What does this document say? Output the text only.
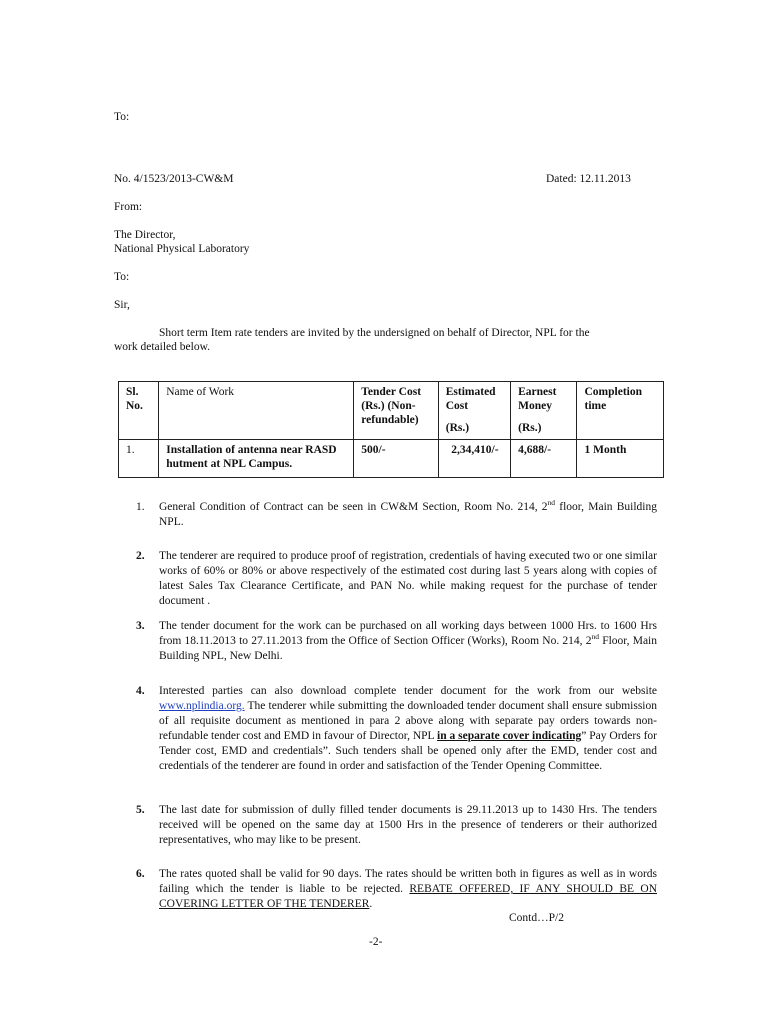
To:
No. 4/1523/2013-CW&M	Dated: 12.11.2013
From:
The Director,
National Physical Laboratory
To:
Sir,
Short term Item rate tenders are invited by the undersigned on behalf of Director, NPL for the
work detailed below.
Sl.
No.	Name of Work	Tender Cost (Rs.) (Non-refundable)	Estimated Cost
(Rs.)	Earnest Money
(Rs.)	Completion time
1.	Installation of antenna near RASD hutment at NPL Campus.	500/-	2,34,410/-	4,688/-	1 Month
1. General Condition of Contract can be seen in CW&M Section, Room No. 214, 2nd floor, Main Building NPL.
2. The tenderer are required to produce proof of registration, credentials of having executed two or one similar works of 60% or 80% or above respectively of the estimated cost during last 5 years along with copies of latest Sales Tax Clearance Certificate, and PAN No. while making request for the purchase of tender document .
3. The tender document for the work can be purchased on all working days between 1000 Hrs. to 1600 Hrs from 18.11.2013 to 27.11.2013 from the Office of Section Officer (Works), Room No. 214, 2nd Floor, Main Building NPL, New Delhi.
4. Interested parties can also download complete tender document for the work from our website www.nplindia.org. The tenderer while submitting the downloaded tender document shall ensure submission of all requisite document as mentioned in para 2 above along with separate pay orders towards non-refundable tender cost and EMD in favour of Director, NPL in a separate cover indicating” Pay Orders for Tender cost, EMD and credentials”. Such tenders shall be opened only after the EMD, tender cost and credentials of the tenderer are found in order and satisfaction of the Tender Opening Committee.
5. The last date for submission of dully filled tender documents is 29.11.2013 up to 1430 Hrs. The tenders received will be opened on the same day at 1500 Hrs in the presence of tenderers or their authorized representatives, who may like to be present.
6. The rates quoted shall be valid for 90 days. The rates should be written both in figures as well as in words failing which the tender is liable to be rejected. REBATE OFFERED, IF ANY SHOULD BE ON COVERING LETTER OF THE TENDERER.
Contd…P/2
-2-
